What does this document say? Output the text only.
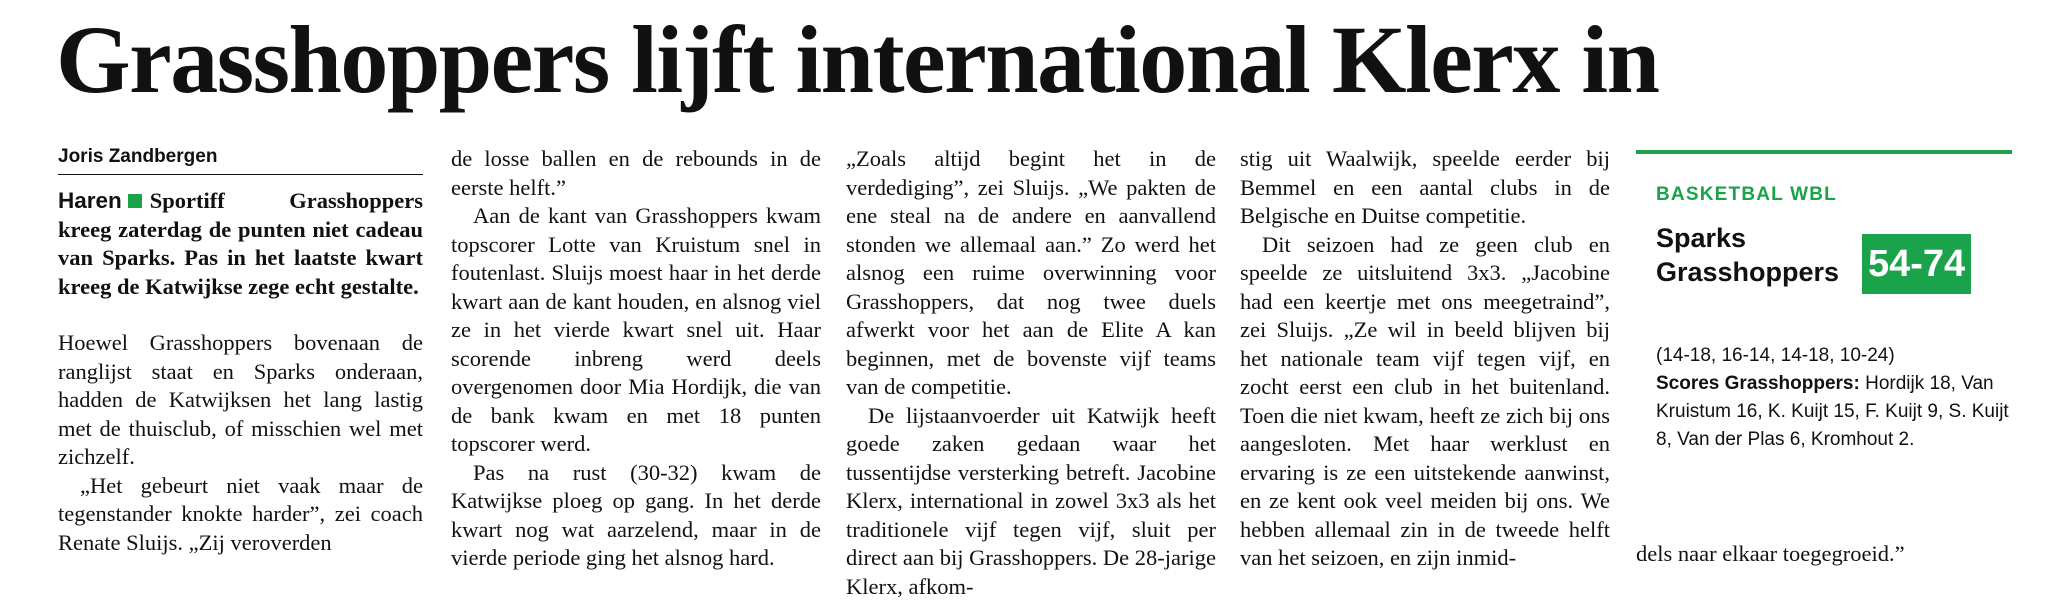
Grasshoppers lijft international Klerx in
Joris Zandbergen

Haren Sportiff Grasshoppers kreeg zaterdag de punten niet cadeau van Sparks. Pas in het laatste kwart kreeg de Katwijkse zege echt gestalte.

Hoewel Grasshoppers bovenaan de ranglijst staat en Sparks onderaan, hadden de Katwijksen het lang lastig met de thuisclub, of misschien wel met zichzelf.

„Het gebeurt niet vaak maar de tegenstander knokte harder”, zei coach Renate Sluijs. „Zij veroverden

de losse ballen en de rebounds in de eerste helft.”

Aan de kant van Grasshoppers kwam topscorer Lotte van Kruistum snel in foutenlast. Sluijs moest haar in het derde kwart aan de kant houden, en alsnog viel ze in het vierde kwart snel uit. Haar scorende inbreng werd deels overgenomen door Mia Hordijk, die van de bank kwam en met 18 punten topscorer werd.

Pas na rust (30-32) kwam de Katwijkse ploeg op gang. In het derde kwart nog wat aarzelend, maar in de vierde periode ging het alsnog hard.

„Zoals altijd begint het in de verdediging”, zei Sluijs. „We pakten de ene steal na de andere en aanvallend stonden we allemaal aan.” Zo werd het alsnog een ruime overwinning voor Grasshoppers, dat nog twee duels afwerkt voor het aan de Elite A kan beginnen, met de bovenste vijf teams van de competitie.

De lijstaanvoerder uit Katwijk heeft goede zaken gedaan waar het tussentijdse versterking betreft. Jacobine Klerx, international in zowel 3x3 als het traditionele vijf tegen vijf, sluit per direct aan bij Grasshoppers. De 28-jarige Klerx, afkom-

stig uit Waalwijk, speelde eerder bij Bemmel en een aantal clubs in de Belgische en Duitse competitie.

Dit seizoen had ze geen club en speelde ze uitsluitend 3x3. „Jacobine had een keertje met ons meegetraind”, zei Sluijs. „Ze wil in beeld blijven bij het nationale team vijf tegen vijf, en zocht eerst een club in het buitenland. Toen die niet kwam, heeft ze zich bij ons aangesloten. Met haar werklust en ervaring is ze een uitstekende aanwinst, en ze kent ook veel meiden bij ons. We hebben allemaal zin in de tweede helft van het seizoen, en zijn inmid-

BASKETBAL WBL
Sparks
Grasshoppers 54-74
(14-18, 16-14, 14-18, 10-24)
Scores Grasshoppers: Hordijk 18, Van Kruistum 16, K. Kuijt 15, F. Kuijt 9, S. Kuijt 8, Van der Plas 6, Kromhout 2.
dels naar elkaar toegegroeid.”
